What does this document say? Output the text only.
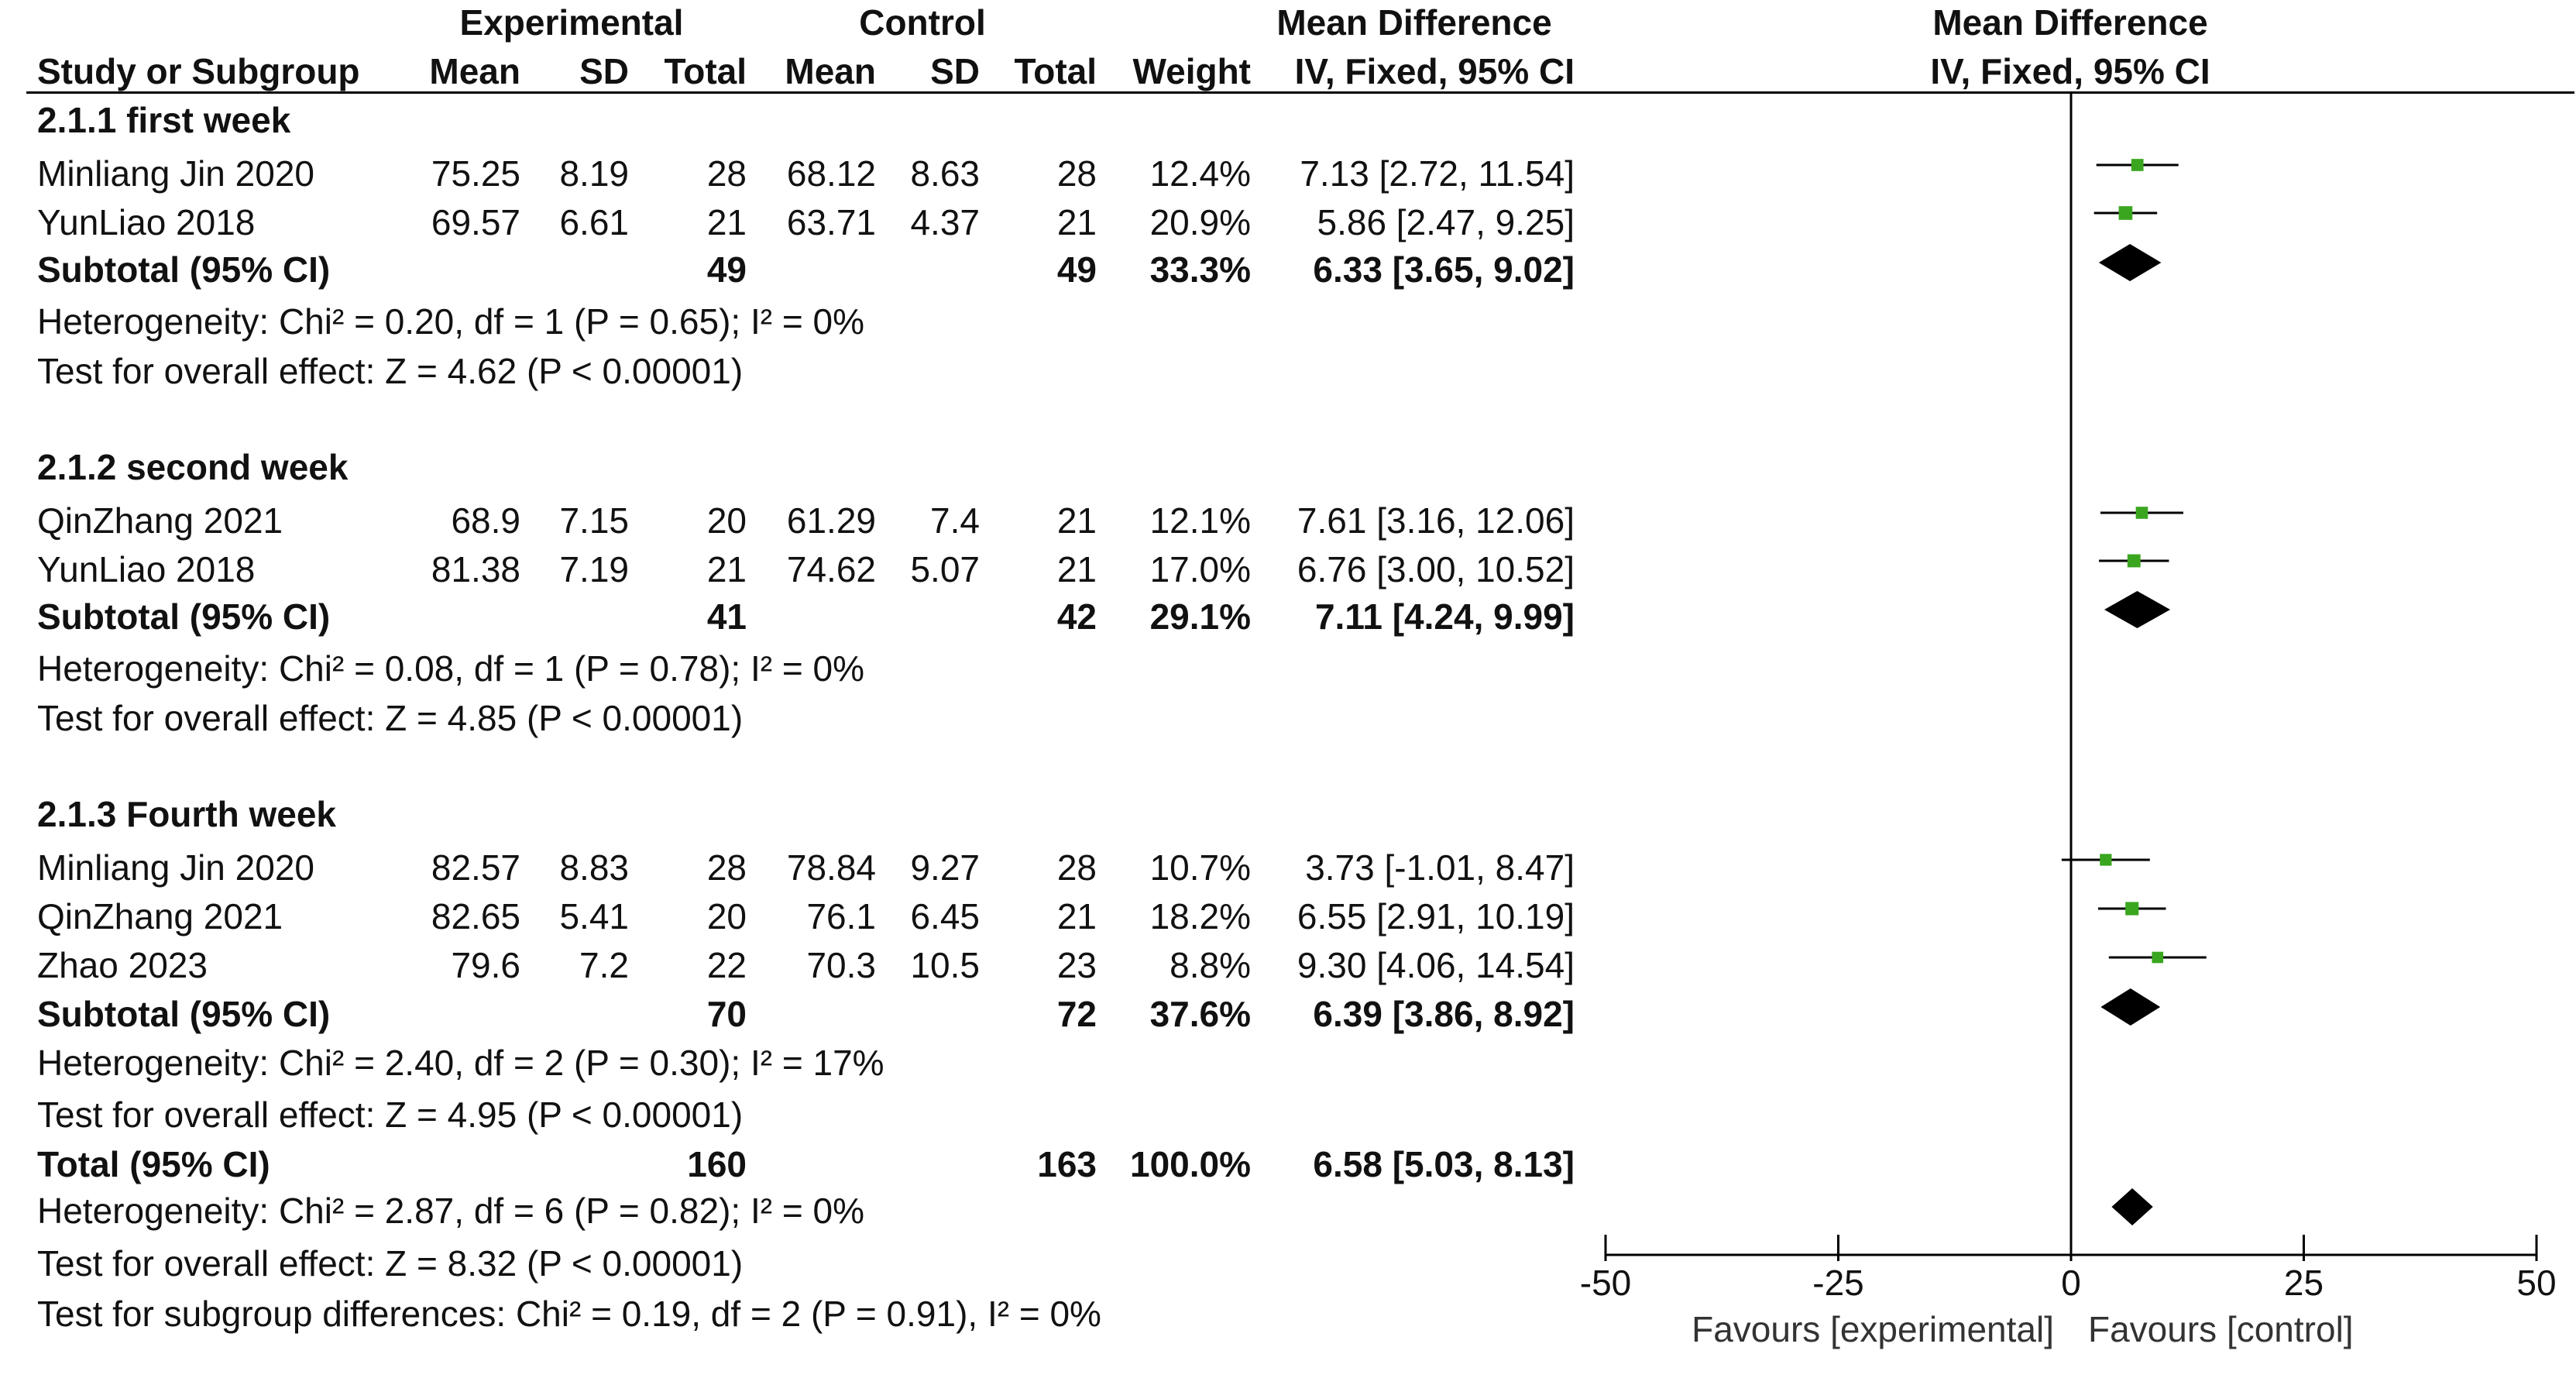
Experimental	Control	Mean Difference	Mean Difference
Study or Subgroup Mean SD Total Mean SD Total Weight IV, Fixed, 95% CI	IV, Fixed, 95% CI
2.1.1 first week
Minliang Jin 2020	75.25 8.19 28 68.12 8.63 28 12.4% 7.13 [2.72, 11.54]
YunLiao 2018	69.57 6.61 21 63.71 4.37 21 20.9% 5.86 [2.47, 9.25]
Subtotal (95% CI)	49	49 33.3% 6.33 [3.65, 9.02]
Heterogeneity: Chi² = 0.20, df = 1 (P = 0.65); I² = 0%
Test for overall effect: Z = 4.62 (P < 0.00001)
2.1.2 second week
QinZhang 2021	68.9 7.15 20 61.29 7.4 21 12.1% 7.61 [3.16, 12.06]
YunLiao 2018	81.38 7.19 21 74.62 5.07 21 17.0% 6.76 [3.00, 10.52]
Subtotal (95% CI)	41	42 29.1% 7.11 [4.24, 9.99]
Heterogeneity: Chi² = 0.08, df = 1 (P = 0.78); I² = 0%
Test for overall effect: Z = 4.85 (P < 0.00001)
2.1.3 Fourth week
Minliang Jin 2020	82.57 8.83 28 78.84 9.27 28 10.7% 3.73 [-1.01, 8.47]
QinZhang 2021	82.65 5.41 20 76.1 6.45 21 18.2% 6.55 [2.91, 10.19]
Zhao 2023	79.6 7.2 22 70.3 10.5 23 8.8% 9.30 [4.06, 14.54]
Subtotal (95% CI)	70	72 37.6% 6.39 [3.86, 8.92]
Heterogeneity: Chi² = 2.40, df = 2 (P = 0.30); I² = 17%
Test for overall effect: Z = 4.95 (P < 0.00001)
Total (95% CI)	160	163 100.0% 6.58 [5.03, 8.13]
Heterogeneity: Chi² = 2.87, df = 6 (P = 0.82); I² = 0%
Test for overall effect: Z = 8.32 (P < 0.00001)
Test for subgroup differences: Chi² = 0.19, df = 2 (P = 0.91), I² = 0%
-50	-25	0	25	50
Favours [experimental] Favours [control]
